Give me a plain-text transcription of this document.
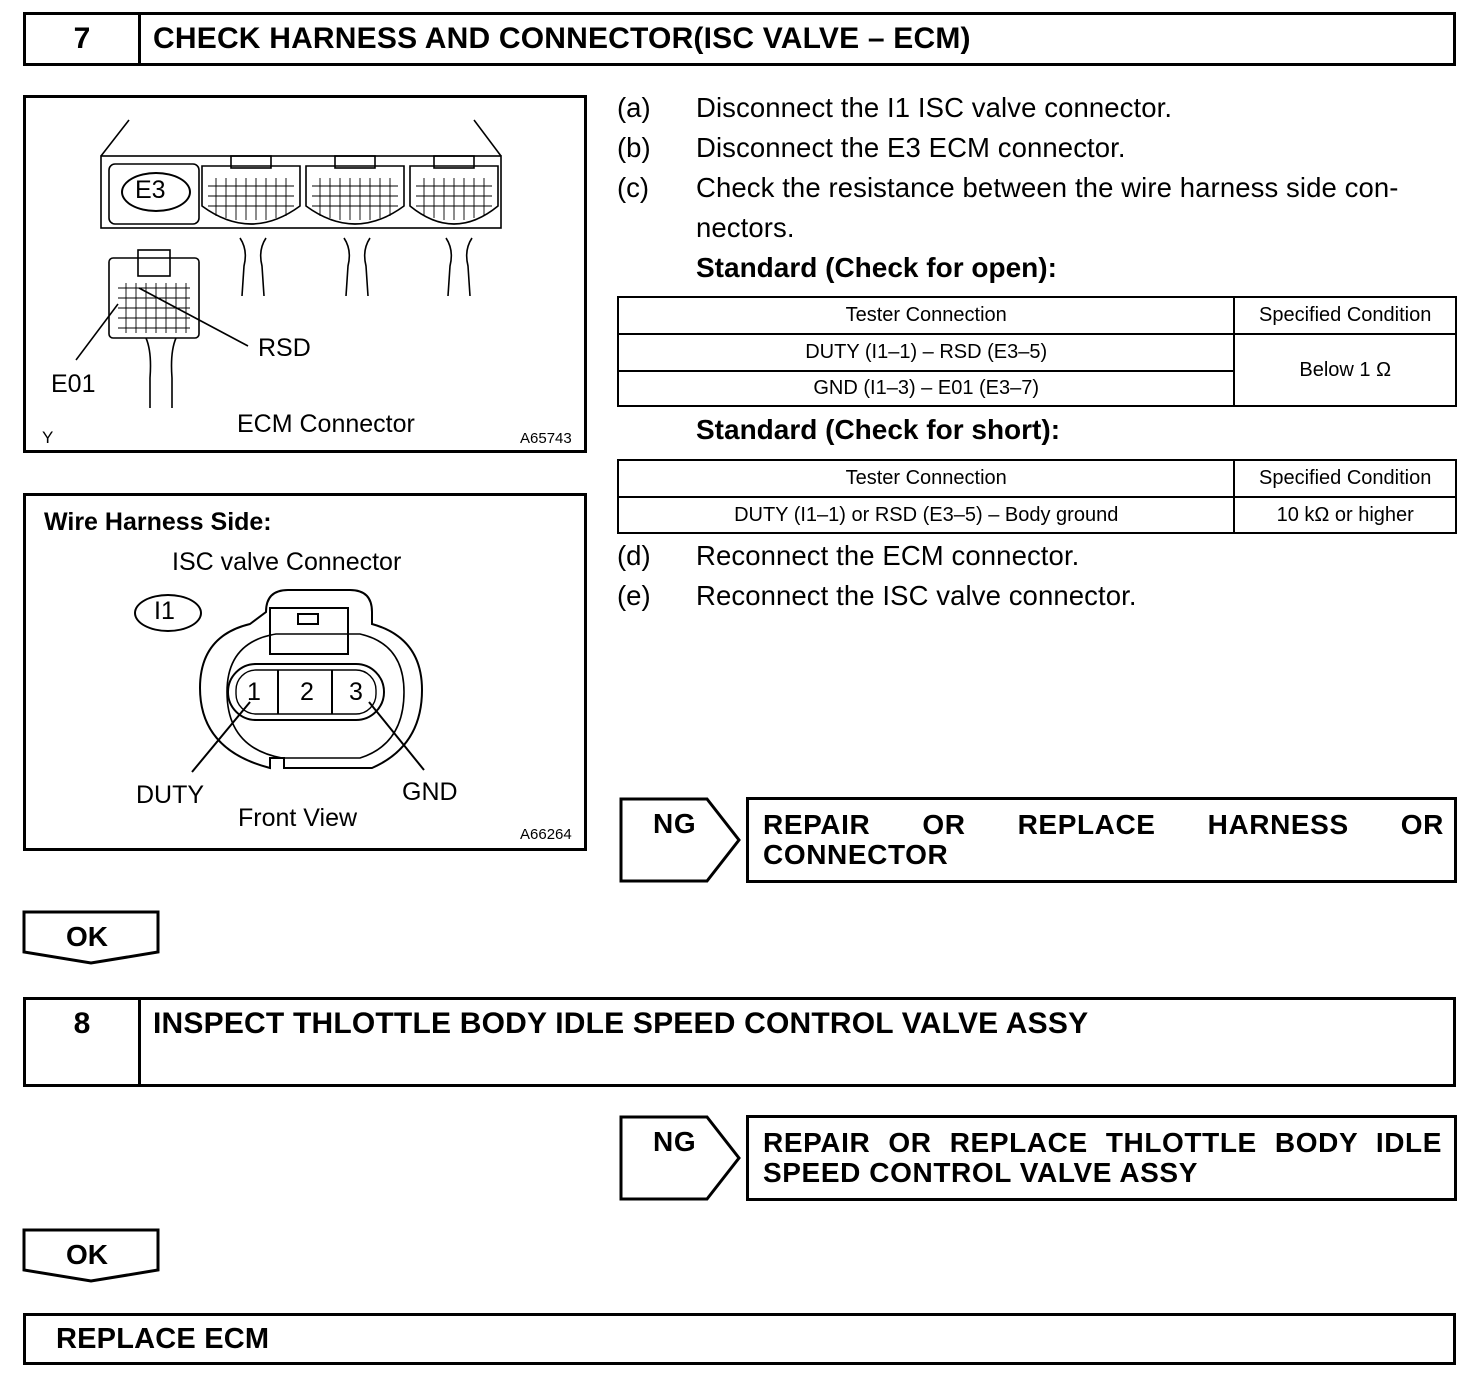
7	CHECK HARNESS AND CONNECTOR(ISC VALVE – ECM)
E3
RSD
E01
ECM Connector
Y	A65743
Wire Harness Side:
ISC valve Connector
I1
1 2 3
DUTY	GND
Front View
A66264
(a) Disconnect the I1 ISC valve connector.
(b) Disconnect the E3 ECM connector.
(c) Check the resistance between the wire harness side con-
nectors.
Standard (Check for open):
Tester Connection	Specified Condition
DUTY (I1–1) – RSD (E3–5)	Below 1 Ω
GND (I1–3) – E01 (E3–7)	
Standard (Check for short):
Tester Connection	Specified Condition
DUTY (I1–1) or RSD (E3–5) – Body ground	10 kΩ or higher
(d) Reconnect the ECM connector.
(e) Reconnect the ISC valve connector.
NG REPAIR OR REPLACE HARNESS OR
CONNECTOR
OK
8	INSPECT THLOTTLE BODY IDLE SPEED CONTROL VALVE ASSY
NG REPAIR OR REPLACE THLOTTLE BODY IDLE
SPEED CONTROL VALVE ASSY
OK
REPLACE ECM
